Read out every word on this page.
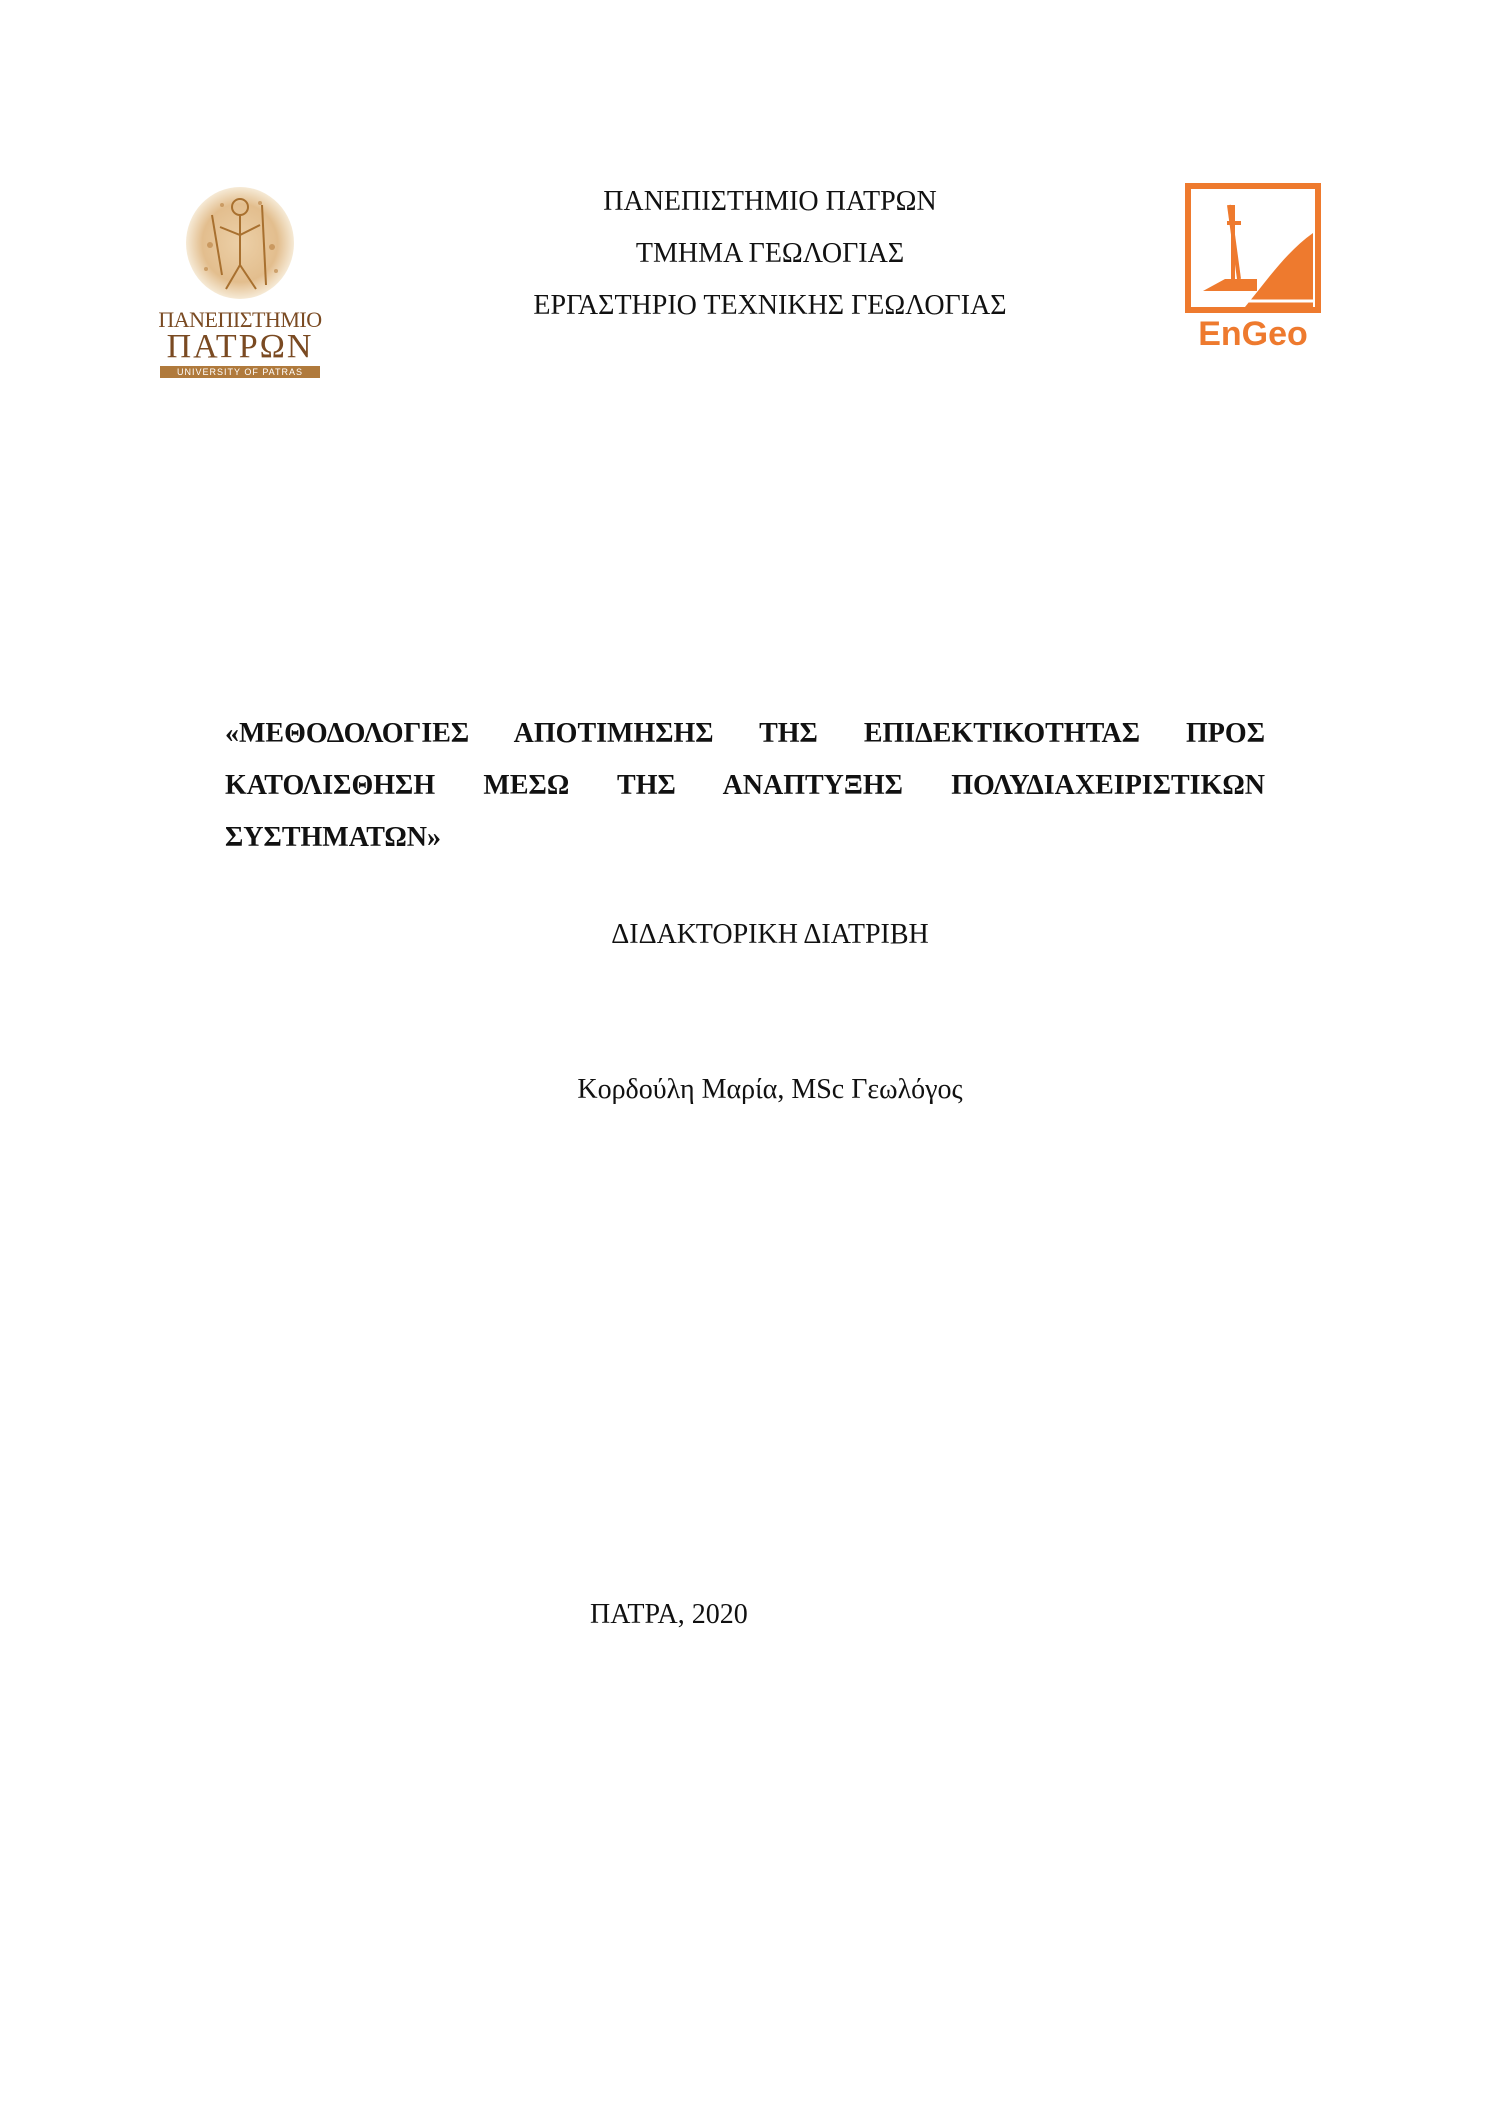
ΠΑΝΕΠΙΣΤΗΜΙΟ
ΠΑΤΡΩΝ
UNIVERSITY OF PATRAS
ΠΑΝΕΠΙΣΤΗΜΙΟ ΠΑΤΡΩΝ
ΤΜΗΜΑ ΓΕΩΛΟΓΙΑΣ
ΕΡΓΑΣΤΗΡΙΟ ΤΕΧΝΙΚΗΣ ΓΕΩΛΟΓΙΑΣ
EnGeo
«ΜΕΘΟΔΟΛΟΓΙΕΣ ΑΠΟΤΙΜΗΣΗΣ ΤΗΣ ΕΠΙΔΕΚΤΙΚΟΤΗΤΑΣ ΠΡΟΣ ΚΑΤΟΛΙΣΘΗΣΗ ΜΕΣΩ ΤΗΣ ΑΝΑΠΤΥΞΗΣ ΠΟΛΥΔΙΑΧΕΙΡΙΣΤΙΚΩΝ ΣΥΣΤΗΜΑΤΩΝ»
ΔΙΔΑΚΤΟΡΙΚΗ ΔΙΑΤΡΙΒΗ
Κορδούλη Μαρία, MSc Γεωλόγος
ΠΑΤΡΑ, 2020
